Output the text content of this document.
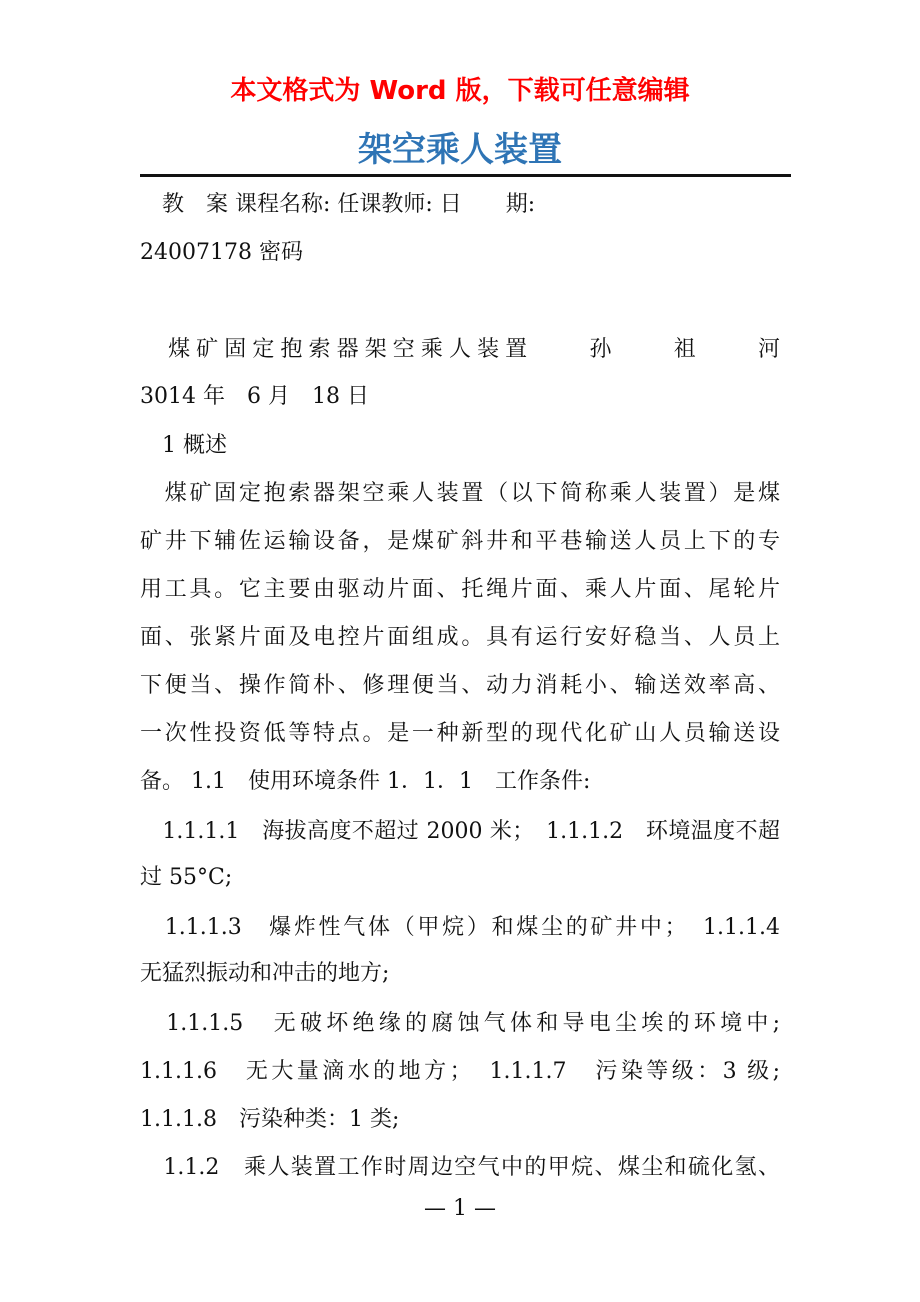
本文格式为 Word 版，下载可任意编辑
架空乘人装置
　教　案 课程名称: 任课教师: 日　　期:
24007178 密码
　煤矿固定抱索器架空乘人装置　　孙　　祖　　河
3014 年　6 月　18 日
　1 概述
　煤矿固定抱索器架空乘人装置（以下简称乘人装置）是煤
矿井下辅佐运输设备，是煤矿斜井和平巷输送人员上下的专
用工具。它主要由驱动片面、托绳片面、乘人片面、尾轮片
面、张紧片面及电控片面组成。具有运行安好稳当、人员上
下便当、操作简朴、修理便当、动力消耗小、输送效率高、
一次性投资低等特点。是一种新型的现代化矿山人员输送设
备。 1.1　使用环境条件 1．1．1　工作条件:
　1.1.1.1　海拔高度不超过 2000 米；　1.1.1.2　环境温度不超
过 55°C;
　1.1.1.3　爆炸性气体（甲烷）和煤尘的矿井中；　1.1.1.4
无猛烈振动和冲击的地方;
　1.1.1.5　无破坏绝缘的腐蚀气体和导电尘埃的环境中;
1.1.1.6　无大量滴水的地方；　1.1.1.7　污染等级：3 级;
1.1.1.8　污染种类：1 类;
　1.1.2　乘人装置工作时周边空气中的甲烷、煤尘和硫化氢、
— 1 —
